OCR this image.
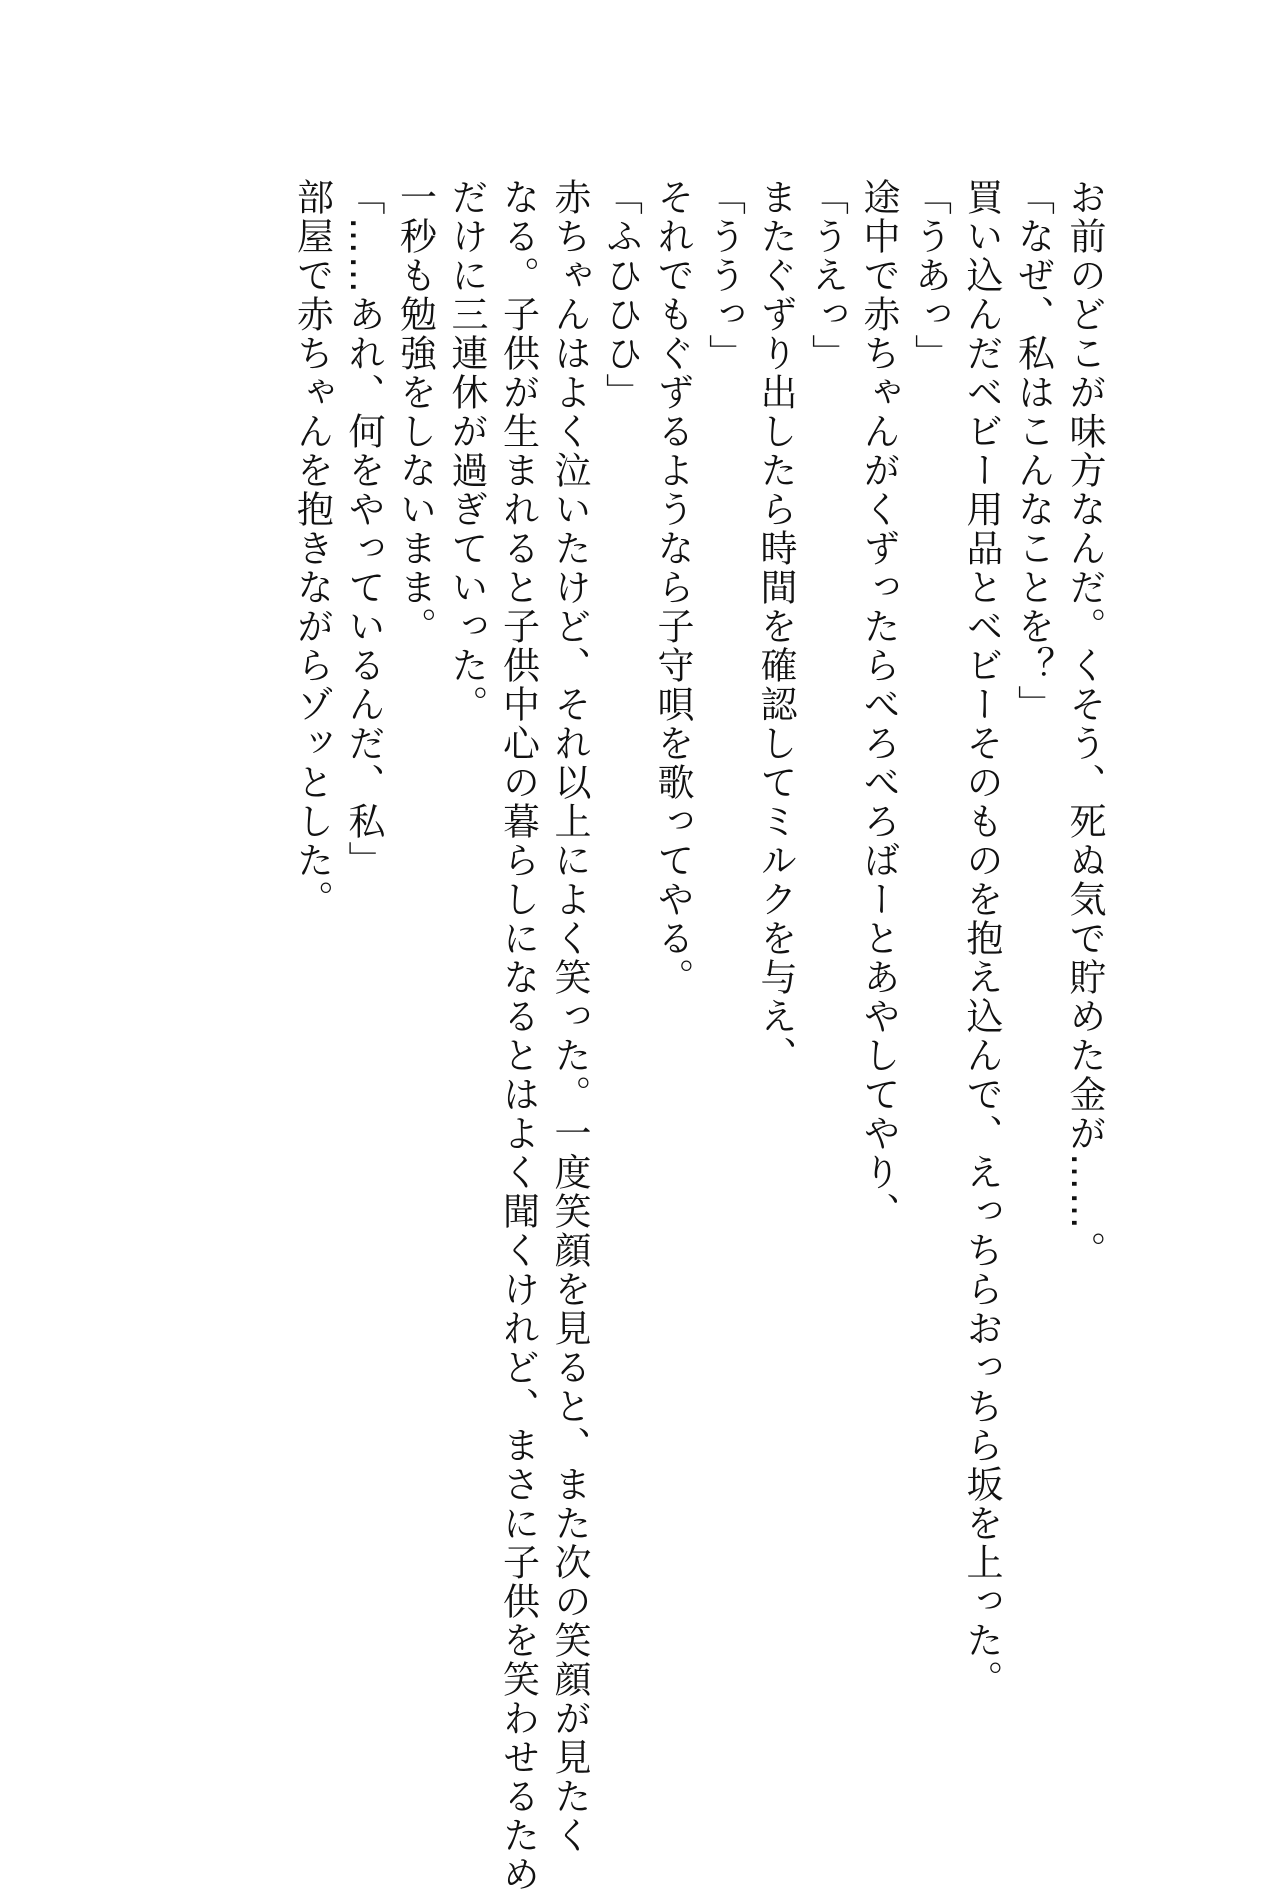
お前のどこが味方なんだ。くそう、死ぬ気で貯めた金が……。
「なぜ、私はこんなことを？」
買い込んだベビー用品とベビーそのものを抱え込んで、えっちらおっちら坂を上った。
「うあっ」
途中で赤ちゃんがくずったらべろべろばーとあやしてやり、
「うえっ」
またぐずり出したら時間を確認してミルクを与え、
「ううっ」
それでもぐずるようなら子守唄を歌ってやる。
「ふひひひ」
赤ちゃんはよく泣いたけど、それ以上によく笑った。一度笑顔を見ると、また次の笑顔が見たく
なる。子供が生まれると子供中心の暮らしになるとはよく聞くけれど、まさに子供を笑わせるため
だけに三連休が過ぎていった。
一秒も勉強をしないまま。
「……あれ、何をやっているんだ、私」
部屋で赤ちゃんを抱きながらゾッとした。
